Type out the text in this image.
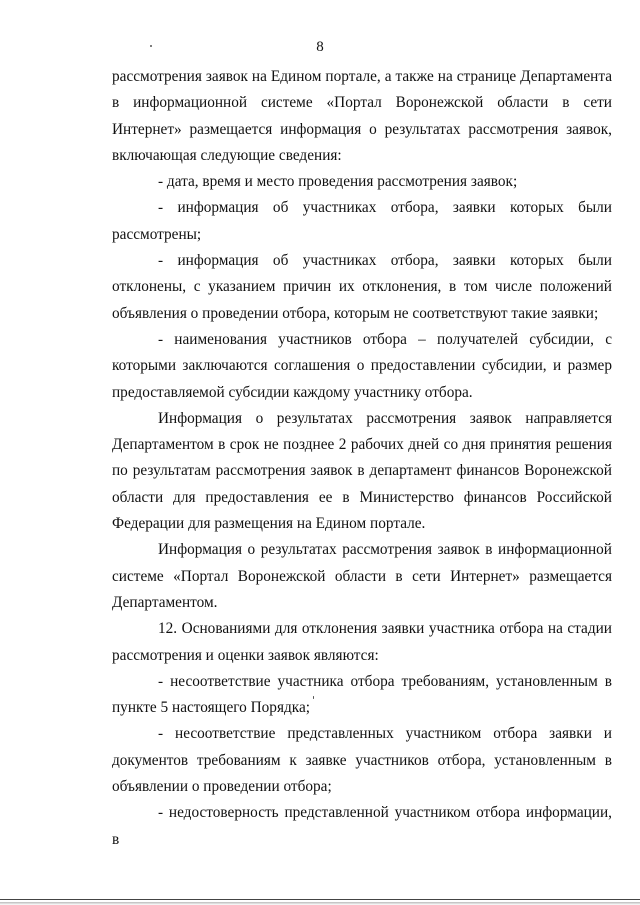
8

рассмотрения заявок на Едином портале, а также на странице Департамента в информационной системе «Портал Воронежской области в сети Интернет» размещается информация о результатах рассмотрения заявок, включающая следующие сведения:

- дата, время и место проведения рассмотрения заявок;

- информация об участниках отбора, заявки которых были рассмотрены;

- информация об участниках отбора, заявки которых были отклонены, с указанием причин их отклонения, в том числе положений объявления о проведении отбора, которым не соответствуют такие заявки;

- наименования участников отбора – получателей субсидии, с которыми заключаются соглашения о предоставлении субсидии, и размер предоставляемой субсидии каждому участнику отбора.

Информация о результатах рассмотрения заявок направляется Департаментом в срок не позднее 2 рабочих дней со дня принятия решения по результатам рассмотрения заявок в департамент финансов Воронежской области для предоставления ее в Министерство финансов Российской Федерации для размещения на Едином портале.

Информация о результатах рассмотрения заявок в информационной системе «Портал Воронежской области в сети Интернет» размещается Департаментом.

12. Основаниями для отклонения заявки участника отбора на стадии рассмотрения и оценки заявок являются:

- несоответствие участника отбора требованиям, установленным в пункте 5 настоящего Порядка;

- несоответствие представленных участником отбора заявки и документов требованиям к заявке участников отбора, установленным в объявлении о проведении отбора;

- недостоверность представленной участником отбора информации, в
